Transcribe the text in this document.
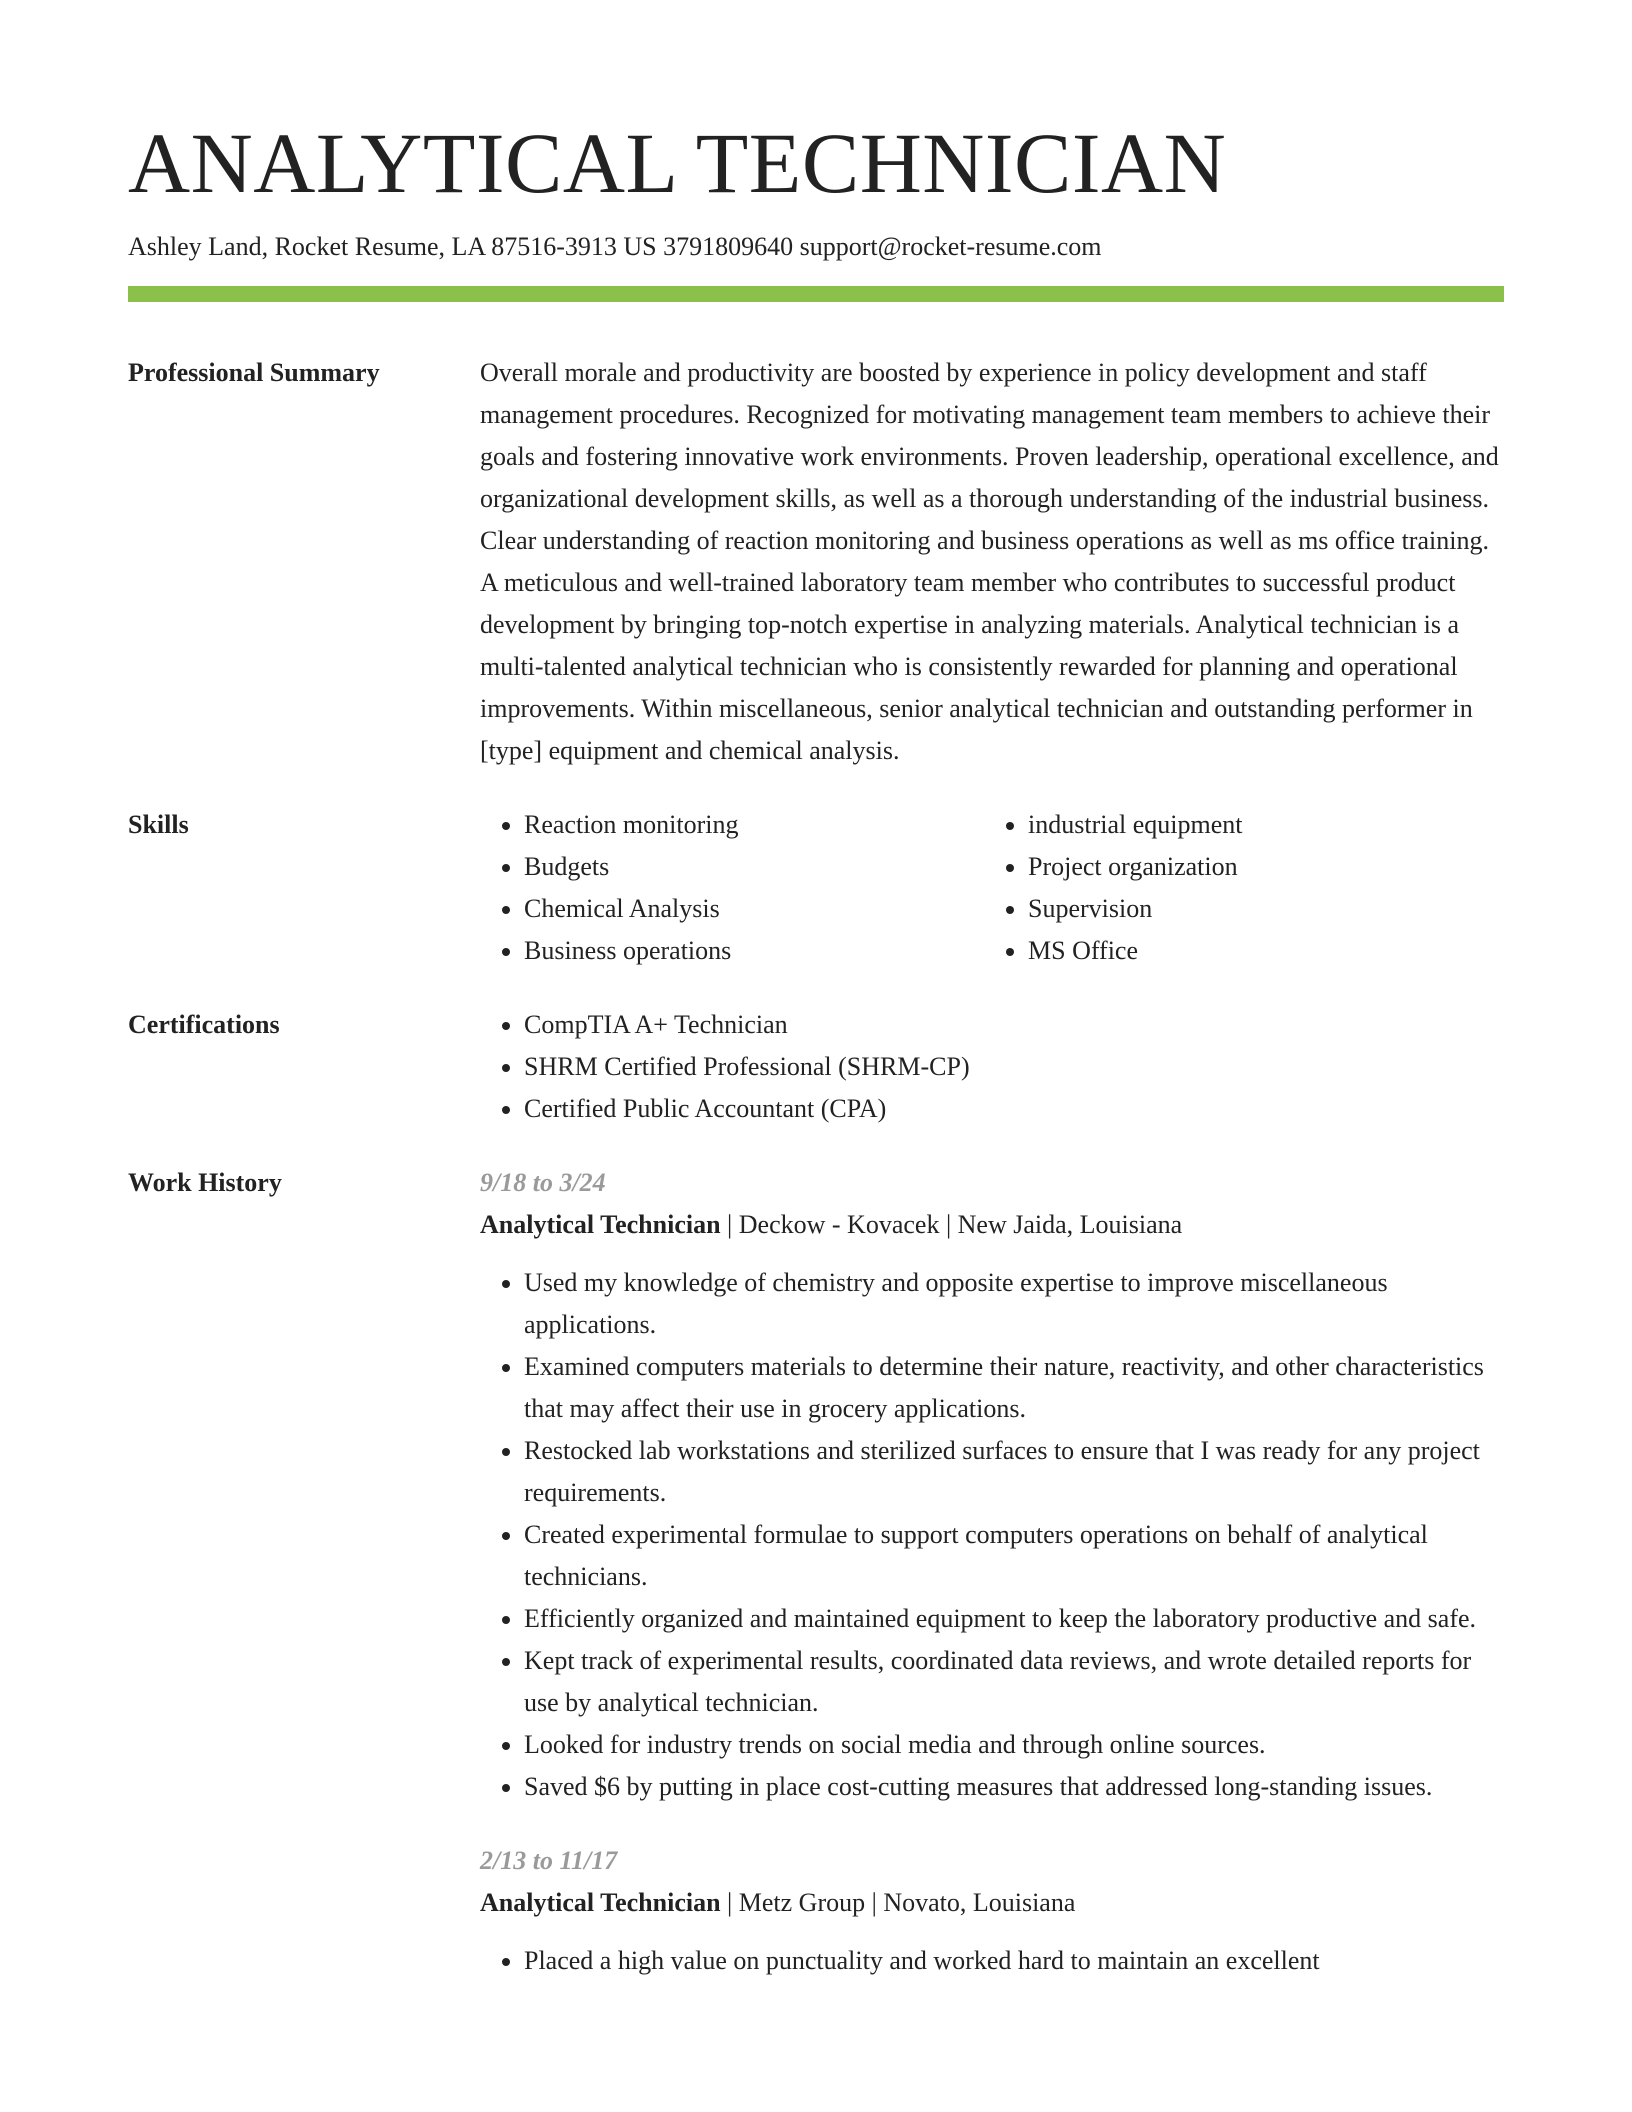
ANALYTICAL TECHNICIAN
Ashley Land, Rocket Resume, LA 87516-3913 US 3791809640 support@rocket-resume.com
Professional Summary	Overall morale and productivity are boosted by experience in policy development and staff management procedures. Recognized for motivating management team members to achieve their goals and fostering innovative work environments. Proven leadership, operational excellence, and organizational development skills, as well as a thorough understanding of the industrial business. Clear understanding of reaction monitoring and business operations as well as ms office training. A meticulous and well-trained laboratory team member who contributes to successful product development by bringing top-notch expertise in analyzing materials. Analytical technician is a multi-talented analytical technician who is consistently rewarded for planning and operational improvements. Within miscellaneous, senior analytical technician and outstanding performer in [type] equipment and chemical analysis.

Skills	• Reaction monitoring
• Budgets
• Chemical Analysis
• Business operations
• industrial equipment
• Project organization
• Supervision
• MS Office
Certifications	• CompTIA A+ Technician
• SHRM Certified Professional (SHRM-CP)
• Certified Public Accountant (CPA)
Work History	9/18 to 3/24
Analytical Technician | Deckow - Kovacek | New Jaida, Louisiana
• Used my knowledge of chemistry and opposite expertise to improve miscellaneous applications.
• Examined computers materials to determine their nature, reactivity, and other characteristics that may affect their use in grocery applications.
• Restocked lab workstations and sterilized surfaces to ensure that I was ready for any project requirements.
• Created experimental formulae to support computers operations on behalf of analytical technicians.
• Efficiently organized and maintained equipment to keep the laboratory productive and safe.
• Kept track of experimental results, coordinated data reviews, and wrote detailed reports for use by analytical technician.
• Looked for industry trends on social media and through online sources.
• Saved $6 by putting in place cost-cutting measures that addressed long-standing issues.
2/13 to 11/17
Analytical Technician | Metz Group | Novato, Louisiana
• Placed a high value on punctuality and worked hard to maintain an excellent
